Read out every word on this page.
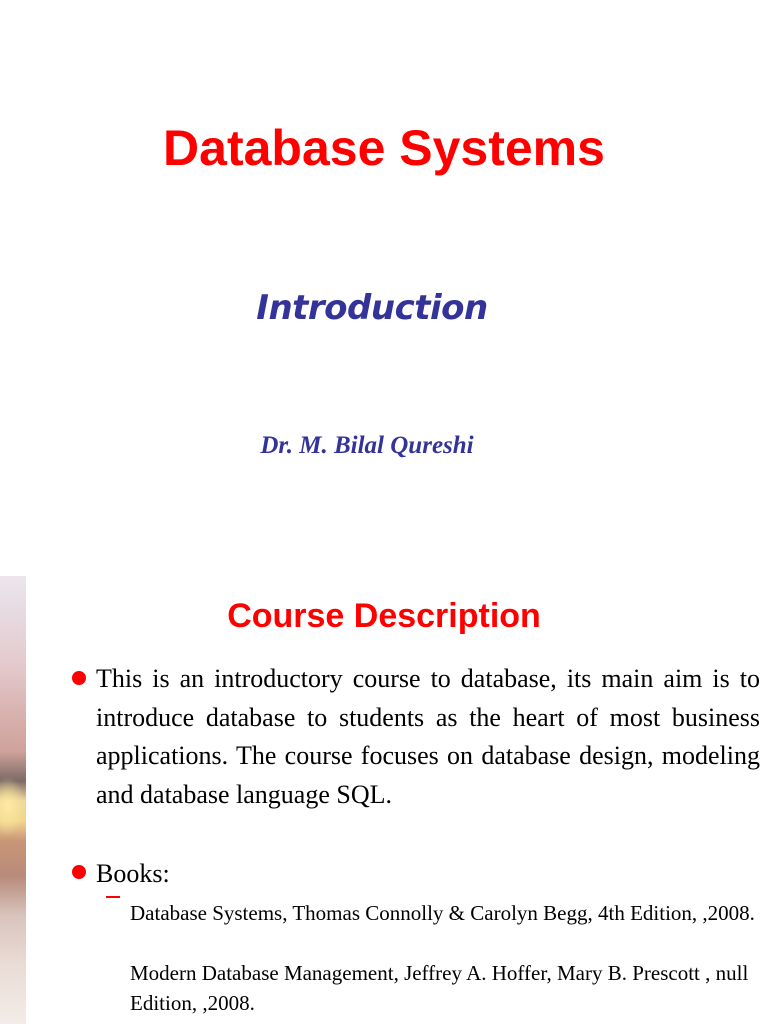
Database Systems
Introduction
Dr. M. Bilal Qureshi
Course Description
This is an introductory course to database, its main aim is to introduce database to students as the heart of most business applications. The course focuses on database design, modeling and database language SQL.
Books:
Database Systems, Thomas Connolly & Carolyn Begg, 4th Edition, ,2008.
Modern Database Management, Jeffrey A. Hoffer, Mary B. Prescott , null Edition, ,2008.
